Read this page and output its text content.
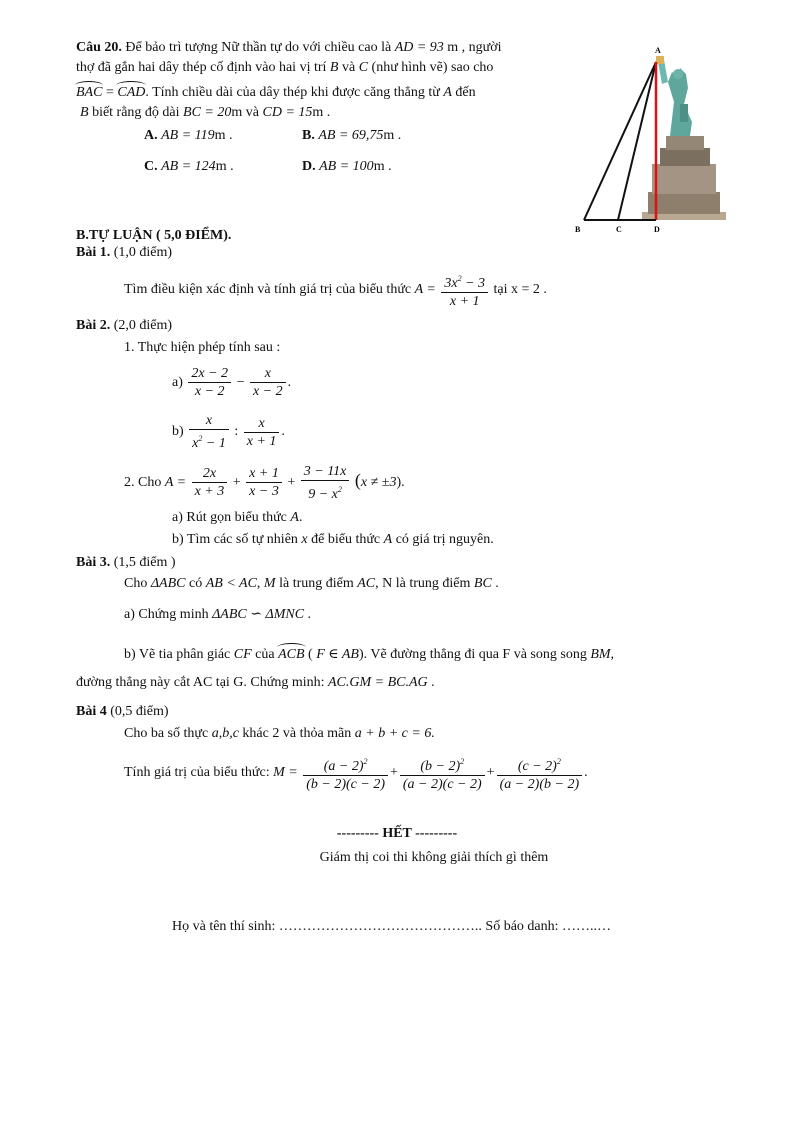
Câu 20. Để bảo trì tượng Nữ thần tự do với chiều cao là AD = 93 m , người
thợ đã gắn hai dây thép cố định vào hai vị trí B và C (như hình vẽ) sao cho
BAC = CAD. Tính chiều dài của dây thép khi được căng thẳng từ A đến
B biết rằng độ dài BC = 20m và CD = 15m .
A. AB = 119m .	B. AB = 69,75m .
C. AB = 124m .	D. AB = 100m .
A
B	C	D
B.TỰ LUẬN ( 5,0 ĐIỂM).
Bài 1. (1,0 điểm)
Tìm điều kiện xác định và tính giá trị của biểu thức $A = \frac{3x^2 - 3}{x + 1}$ tại x = 2 .
Bài 2. (2,0 điểm)
1. Thực hiện phép tính sau :
$a) \frac{2x - 2}{x - 2} - \frac{x}{x - 2}$ .
$b) \frac{x}{x^2 - 1}$ : $\frac{x}{x + 1}$ .
2. Cho $A = \frac{2x}{x + 3} + \frac{x + 1}{x - 3} + \frac{3 - 11x}{9 - x^2} (x \ne \pm 3)$.
a) Rút gọn biểu thức A.
b) Tìm các số tự nhiên x để biểu thức A có giá trị nguyên.
Bài 3. (1,5 điểm )
Cho ΔABC có AB < AC, M là trung điểm AC, N là trung điểm BC .
a) Chứng minh ΔABC ∽ ΔMNC .
b) Vẽ tia phân giác CF của ACB ( F ∈ AB). Vẽ đường thẳng đi qua F và song song BM,
đường thẳng này cắt AC tại G. Chứng minh: AC.GM = BC.AG .
Bài 4 (0,5 điểm)
Cho ba số thực a,b,c khác 2 và thỏa mãn a + b + c = 6.
Tính giá trị của biểu thức: $M = \frac{(a - 2)^2}{(b - 2)(c - 2)} + \frac{(b - 2)^2}{(a - 2)(c - 2)} + \frac{(c - 2)^2}{(a - 2)(b - 2)}$ .
--------- HẾT ---------
Giám thị coi thi không giải thích gì thêm
Họ và tên thí sinh: …………………………………….. Số báo danh: ……..…
